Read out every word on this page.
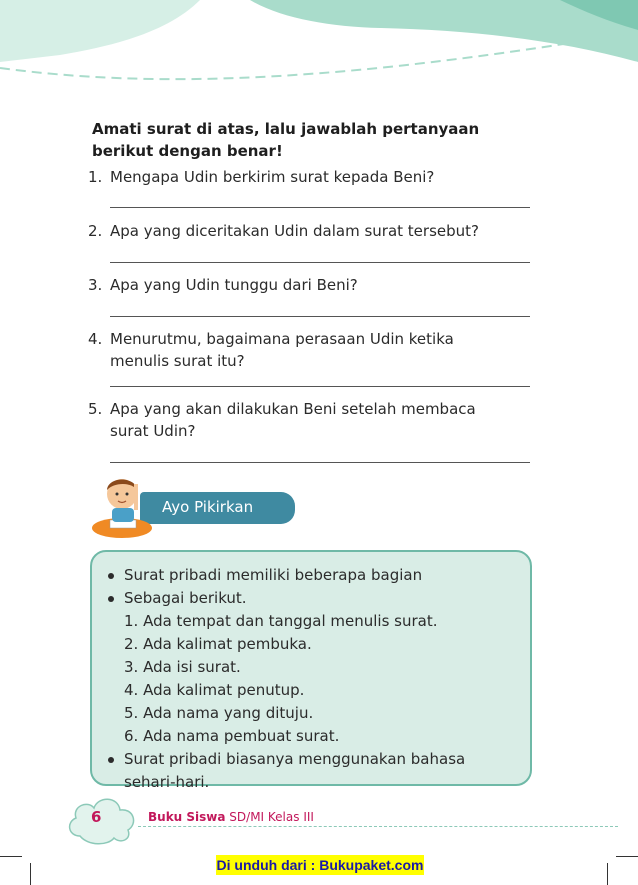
Amati surat di atas, lalu jawablah pertanyaan
berikut dengan benar!
1. Mengapa Udin berkirim surat kepada Beni?
2. Apa yang diceritakan Udin dalam surat tersebut?
3. Apa yang Udin tunggu dari Beni?
4. Menurutmu, bagaimana perasaan Udin ketika
menulis surat itu?
5. Apa yang akan dilakukan Beni setelah membaca
surat Udin?
Ayo Pikirkan
Surat pribadi memiliki beberapa bagian
Sebagai berikut.
1. Ada tempat dan tanggal menulis surat.
2. Ada kalimat pembuka.
3. Ada isi surat.
4. Ada kalimat penutup.
5. Ada nama yang dituju.
6. Ada nama pembuat surat.
Surat pribadi biasanya menggunakan bahasa
sehari-hari.
6	Buku Siswa SD/MI Kelas III
Di unduh dari : Bukupaket.com
